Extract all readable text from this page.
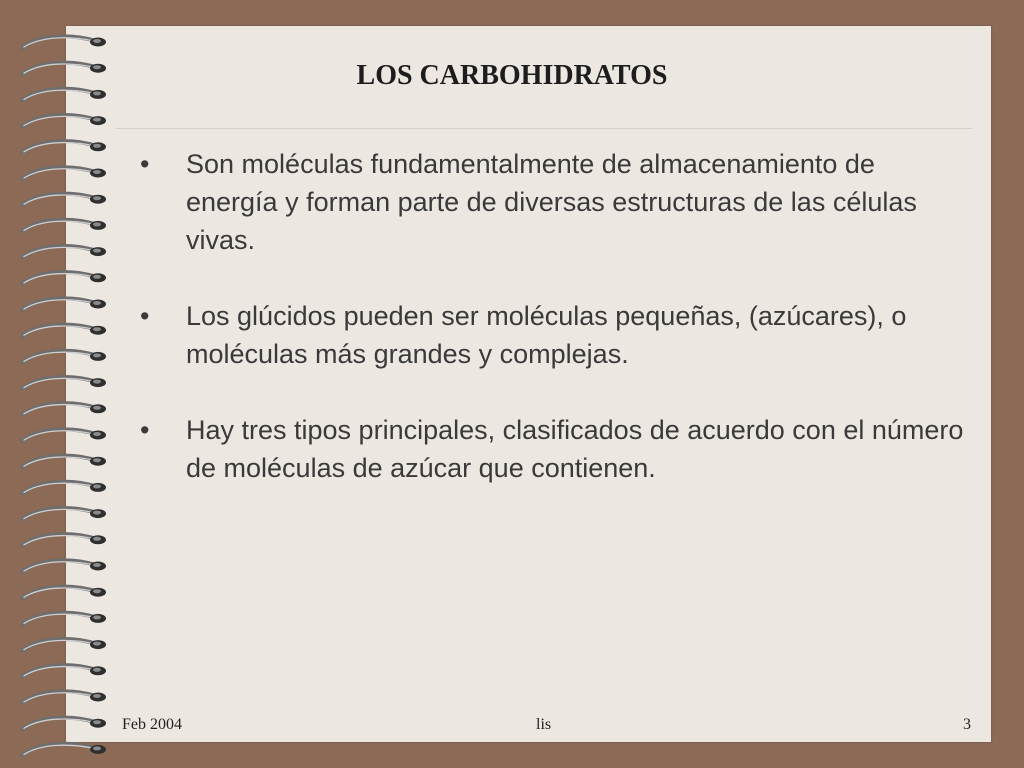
LOS CARBOHIDRATOS
• Son moléculas fundamentalmente de almacenamiento de energía y forman parte de diversas estructuras de las células vivas.
• Los glúcidos pueden ser moléculas pequeñas, (azúcares), o moléculas más grandes y complejas.
• Hay tres tipos principales, clasificados de acuerdo con el número de moléculas de azúcar que contienen.
Feb 2004	lis	3
